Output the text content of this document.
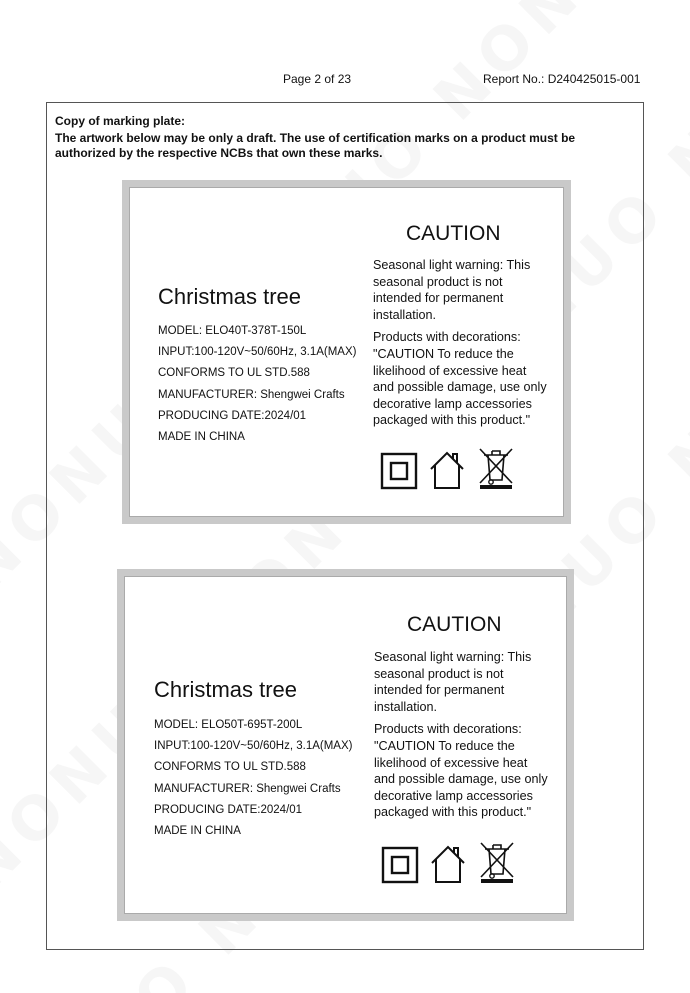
Page 2 of 23	Report No.: D240425015-001
Copy of marking plate:
The artwork below may be only a draft. The use of certification marks on a product must be authorized by the respective NCBs that own these marks.
Christmas tree
MODEL: ELO40T-378T-150L
INPUT:100-120V~50/60Hz, 3.1A(MAX)
CONFORMS TO UL STD.588
MANUFACTURER: Shengwei Crafts
PRODUCING DATE:2024/01
MADE IN CHINA
CAUTION
Seasonal light warning: This seasonal product is not intended for permanent installation.
Products with decorations: "CAUTION To reduce the likelihood of excessive heat and possible damage, use only decorative lamp accessories packaged with this product."
Christmas tree
MODEL: ELO50T-695T-200L
INPUT:100-120V~50/60Hz, 3.1A(MAX)
CONFORMS TO UL STD.588
MANUFACTURER: Shengwei Crafts
PRODUCING DATE:2024/01
MADE IN CHINA
CAUTION
Seasonal light warning: This seasonal product is not intended for permanent installation.
Products with decorations: "CAUTION To reduce the likelihood of excessive heat and possible damage, use only decorative lamp accessories packaged with this product."
